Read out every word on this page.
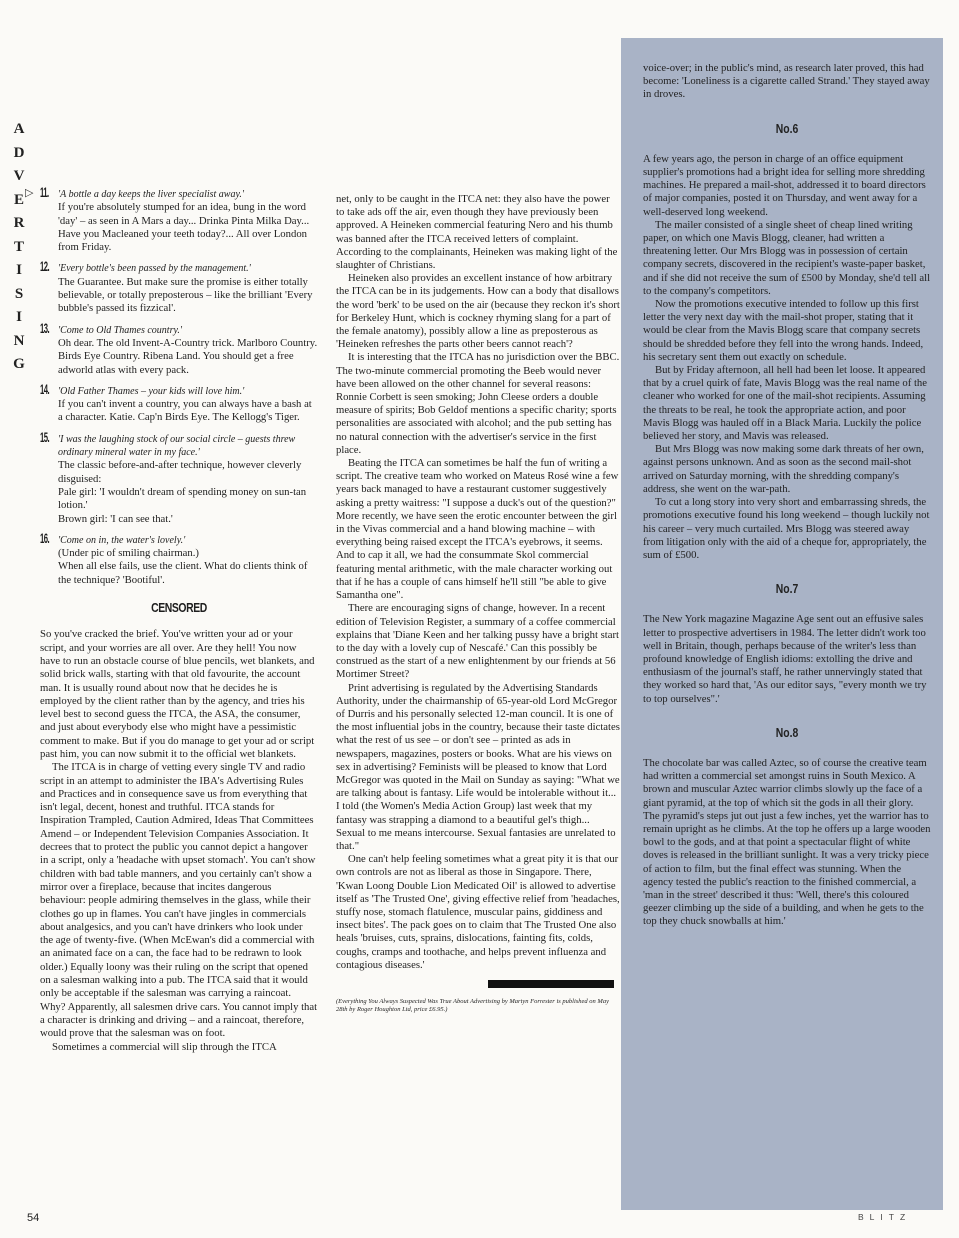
A
D
V
E
R
T
I
S
I
N
G
▷ 11. 'A bottle a day keeps the liver specialist away.'

If you're absolutely stumped for an idea, bung in the word 'day' – as seen in A Mars a day... Drinka Pinta Milka Day... Have you Macleaned your teeth today?... All over London from Friday.

12. 'Every bottle's been passed by the management.'

The Guarantee. But make sure the promise is either totally believable, or totally preposterous – like the brilliant 'Every bubble's passed its fizzical'.

13. 'Come to Old Thames country.'

Oh dear. The old Invent-A-Country trick. Marlboro Country. Birds Eye Country. Ribena Land. You should get a free adworld atlas with every pack.

14. 'Old Father Thames – your kids will love him.'

If you can't invent a country, you can always have a bash at a character. Katie. Cap'n Birds Eye. The Kellogg's Tiger.

15. 'I was the laughing stock of our social circle – guests threw ordinary mineral water in my face.'

The classic before-and-after technique, however cleverly disguised:
Pale girl: 'I wouldn't dream of spending money on sun-tan lotion.'
Brown girl: 'I can see that.'

16. 'Come on in, the water's lovely.'

(Under pic of smiling chairman.)
When all else fails, use the client. What do clients think of the technique? 'Bootiful'.

CENSORED

So you've cracked the brief. You've written your ad or your script, and your worries are all over. Are they hell! You now have to run an obstacle course of blue pencils, wet blankets, and solid brick walls, starting with that old favourite, the account man. It is usually round about now that he decides he is employed by the client rather than by the agency, and tries his level best to second guess the ITCA, the ASA, the consumer, and just about everybody else who might have a pessimistic comment to make. But if you do manage to get your ad or script past him, you can now submit it to the official wet blankets.

The ITCA is in charge of vetting every single TV and radio script in an attempt to administer the IBA's Advertising Rules and Practices and in consequence save us from everything that isn't legal, decent, honest and truthful. ITCA stands for Inspiration Trampled, Caution Admired, Ideas That Committees Amend – or Independent Television Companies Association. It decrees that to protect the public you cannot depict a hangover in a script, only a 'headache with upset stomach'. You can't show children with bad table manners, and you certainly can't show a mirror over a fireplace, because that incites dangerous behaviour: people admiring themselves in the glass, while their clothes go up in flames. You can't have jingles in commercials about analgesics, and you can't have drinkers who look under the age of twenty-five. (When McEwan's did a commercial with an animated face on a can, the face had to be redrawn to look older.) Equally loony was their ruling on the script that opened on a salesman walking into a pub. The ITCA said that it would only be acceptable if the salesman was carrying a raincoat. Why? Apparently, all salesmen drive cars. You cannot imply that a character is drinking and driving – and a raincoat, therefore, would prove that the salesman was on foot.

Sometimes a commercial will slip through the ITCA

net, only to be caught in the ITCA net: they also have the power to take ads off the air, even though they have previously been approved. A Heineken commercial featuring Nero and his thumb was banned after the ITCA received letters of complaint. According to the complainants, Heineken was making light of the slaughter of Christians.

Heineken also provides an excellent instance of how arbitrary the ITCA can be in its judgements. How can a body that disallows the word 'berk' to be used on the air (because they reckon it's short for Berkeley Hunt, which is cockney rhyming slang for a part of the female anatomy), possibly allow a line as preposterous as 'Heineken refreshes the parts other beers cannot reach'?

It is interesting that the ITCA has no jurisdiction over the BBC. The two-minute commercial promoting the Beeb would never have been allowed on the other channel for several reasons: Ronnie Corbett is seen smoking; John Cleese orders a double measure of spirits; Bob Geldof mentions a specific charity; sports personalities are associated with alcohol; and the pub setting has no natural connection with the advertiser's service in the first place.

Beating the ITCA can sometimes be half the fun of writing a script. The creative team who worked on Mateus Rosé wine a few years back managed to have a restaurant customer suggestively asking a pretty waitress: "I suppose a duck's out of the question?" More recently, we have seen the erotic encounter between the girl in the Vivas commercial and a hand blowing machine – with everything being raised except the ITCA's eyebrows, it seems. And to cap it all, we had the consummate Skol commercial featuring mental arithmetic, with the male character working out that if he has a couple of cans himself he'll still "be able to give Samantha one".

There are encouraging signs of change, however. In a recent edition of Television Register, a summary of a coffee commercial explains that 'Diane Keen and her talking pussy have a bright start to the day with a lovely cup of Nescafé.' Can this possibly be construed as the start of a new enlightenment by our friends at 56 Mortimer Street?

Print advertising is regulated by the Advertising Standards Authority, under the chairmanship of 65-year-old Lord McGregor of Durris and his personally selected 12-man council. It is one of the most influential jobs in the country, because their taste dictates what the rest of us see – or don't see – printed as ads in newspapers, magazines, posters or books. What are his views on sex in advertising? Feminists will be pleased to know that Lord McGregor was quoted in the Mail on Sunday as saying: "What we are talking about is fantasy. Life would be intolerable without it... I told (the Women's Media Action Group) last week that my fantasy was strapping a diamond to a beautiful gel's thigh... Sexual to me means intercourse. Sexual fantasies are unrelated to that."

One can't help feeling sometimes what a great pity it is that our own controls are not as liberal as those in Singapore. There, 'Kwan Loong Double Lion Medicated Oil' is allowed to advertise itself as 'The Trusted One', giving effective relief from 'headaches, stuffy nose, stomach flatulence, muscular pains, giddiness and insect bites'. The pack goes on to claim that The Trusted One also heals 'bruises, cuts, sprains, dislocations, fainting fits, colds, coughs, cramps and toothache, and helps prevent influenza and contagious diseases.'

(Everything You Always Suspected Was True About Advertising by Martyn Forrester is published on May 28th by Roger Houghton Ltd, price £6.95.)

voice-over; in the public's mind, as research later proved, this had become: 'Loneliness is a cigarette called Strand.' They stayed away in droves.

No.6

A few years ago, the person in charge of an office equipment supplier's promotions had a bright idea for selling more shredding machines. He prepared a mail-shot, addressed it to board directors of major companies, posted it on Thursday, and went away for a well-deserved long weekend.

The mailer consisted of a single sheet of cheap lined writing paper, on which one Mavis Blogg, cleaner, had written a threatening letter. Our Mrs Blogg was in possession of certain company secrets, discovered in the recipient's waste-paper basket, and if she did not receive the sum of £500 by Monday, she'd tell all to the company's competitors.

Now the promotions executive intended to follow up this first letter the very next day with the mail-shot proper, stating that it would be clear from the Mavis Blogg scare that company secrets should be shredded before they fell into the wrong hands. Indeed, his secretary sent them out exactly on schedule.

But by Friday afternoon, all hell had been let loose. It appeared that by a cruel quirk of fate, Mavis Blogg was the real name of the cleaner who worked for one of the mail-shot recipients. Assuming the threats to be real, he took the appropriate action, and poor Mavis Blogg was hauled off in a Black Maria. Luckily the police believed her story, and Mavis was released.

But Mrs Blogg was now making some dark threats of her own, against persons unknown. And as soon as the second mail-shot arrived on Saturday morning, with the shredding company's address, she went on the war-path.

To cut a long story into very short and embarrassing shreds, the promotions executive found his long weekend – though luckily not his career – very much curtailed. Mrs Blogg was steered away from litigation only with the aid of a cheque for, appropriately, the sum of £500.

No.7

The New York magazine Magazine Age sent out an effusive sales letter to prospective advertisers in 1984. The letter didn't work too well in Britain, though, perhaps because of the writer's less than profound knowledge of English idioms: extolling the drive and enthusiasm of the journal's staff, he rather unnervingly stated that they worked so hard that, 'As our editor says, "every month we try to top ourselves".'

No.8

The chocolate bar was called Aztec, so of course the creative team had written a commercial set amongst ruins in South Mexico. A brown and muscular Aztec warrior climbs slowly up the face of a giant pyramid, at the top of which sit the gods in all their glory. The pyramid's steps jut out just a few inches, yet the warrior has to remain upright as he climbs. At the top he offers up a large wooden bowl to the gods, and at that point a spectacular flight of white doves is released in the brilliant sunlight. It was a very tricky piece of action to film, but the final effect was stunning. When the agency tested the public's reaction to the finished commercial, a 'man in the street' described it thus: 'Well, there's this coloured geezer climbing up the side of a building, and when he gets to the top they chuck snowballs at him.'

54	BLITZ
